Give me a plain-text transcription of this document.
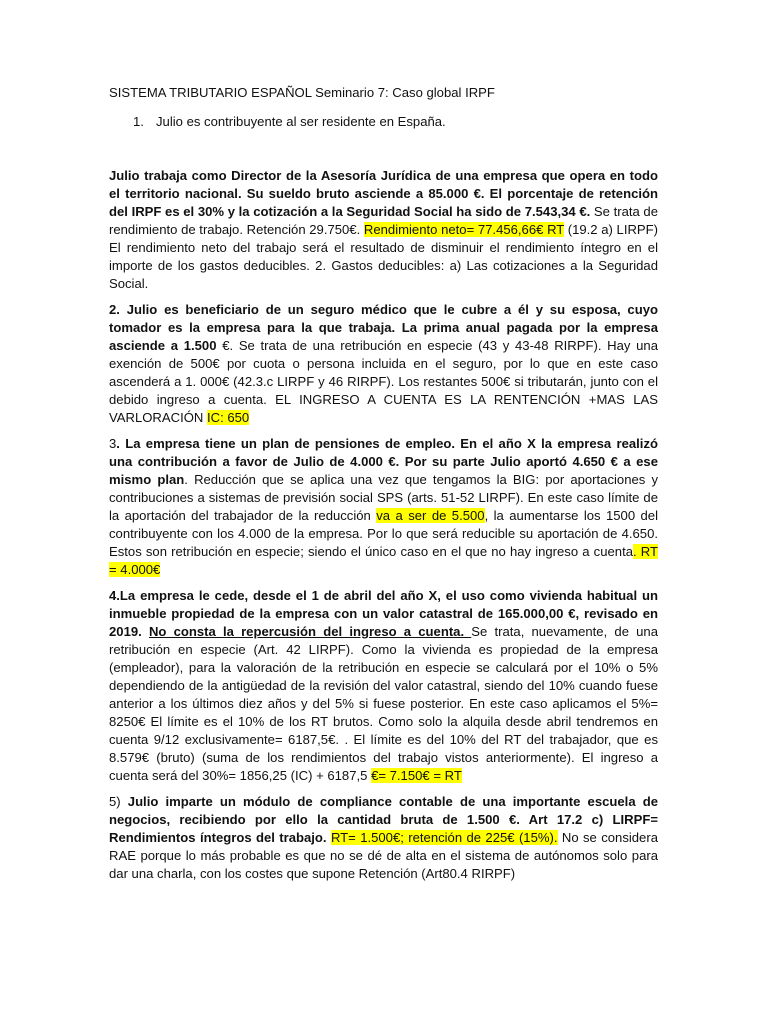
SISTEMA TRIBUTARIO ESPAÑOL Seminario 7: Caso global IRPF
1. Julio es contribuyente al ser residente en España.

Julio trabaja como Director de la Asesoría Jurídica de una empresa que opera en todo el territorio nacional. Su sueldo bruto asciende a 85.000 €. El porcentaje de retención del IRPF es el 30% y la cotización a la Seguridad Social ha sido de 7.543,34 €. Se trata de rendimiento de trabajo. Retención 29.750€. Rendimiento neto= 77.456,66€ RT (19.2 a) LIRPF) El rendimiento neto del trabajo será el resultado de disminuir el rendimiento íntegro en el importe de los gastos deducibles. 2. Gastos deducibles: a) Las cotizaciones a la Seguridad Social.

2. Julio es beneficiario de un seguro médico que le cubre a él y su esposa, cuyo tomador es la empresa para la que trabaja. La prima anual pagada por la empresa asciende a 1.500 €. Se trata de una retribución en especie (43 y 43-48 RIRPF). Hay una exención de 500€ por cuota o persona incluida en el seguro, por lo que en este caso ascenderá a 1. 000€ (42.3.c LIRPF y 46 RIRPF). Los restantes 500€ si tributarán, junto con el debido ingreso a cuenta. EL INGRESO A CUENTA ES LA RENTENCIÓN +MAS LAS VARLORACIÓN IC: 650

3. La empresa tiene un plan de pensiones de empleo. En el año X la empresa realizó una contribución a favor de Julio de 4.000 €. Por su parte Julio aportó 4.650 € a ese mismo plan. Reducción que se aplica una vez que tengamos la BIG: por aportaciones y contribuciones a sistemas de previsión social SPS (arts. 51-52 LIRPF). En este caso límite de la aportación del trabajador de la reducción va a ser de 5.500, la aumentarse los 1500 del contribuyente con los 4.000 de la empresa. Por lo que será reducible su aportación de 4.650. Estos son retribución en especie; siendo el único caso en el que no hay ingreso a cuenta. RT = 4.000€

4.La empresa le cede, desde el 1 de abril del año X, el uso como vivienda habitual un inmueble propiedad de la empresa con un valor catastral de 165.000,00 €, revisado en 2019. No consta la repercusión del ingreso a cuenta. Se trata, nuevamente, de una retribución en especie (Art. 42 LIRPF). Como la vivienda es propiedad de la empresa (empleador), para la valoración de la retribución en especie se calculará por el 10% o 5% dependiendo de la antigüedad de la revisión del valor catastral, siendo del 10% cuando fuese anterior a los últimos diez años y del 5% si fuese posterior. En este caso aplicamos el 5%= 8250€ El límite es el 10% de los RT brutos. Como solo la alquila desde abril tendremos en cuenta 9/12 exclusivamente= 6187,5€. . El límite es del 10% del RT del trabajador, que es 8.579€ (bruto) (suma de los rendimientos del trabajo vistos anteriormente). El ingreso a cuenta será del 30%= 1856,25 (IC) + 6187,5 €= 7.150€ = RT

5) Julio imparte un módulo de compliance contable de una importante escuela de negocios, recibiendo por ello la cantidad bruta de 1.500 €. Art 17.2 c) LIRPF= Rendimientos íntegros del trabajo. RT= 1.500€; retención de 225€ (15%). No se considera RAE porque lo más probable es que no se dé de alta en el sistema de autónomos solo para dar una charla, con los costes que supone Retención (Art80.4 RIRPF)
